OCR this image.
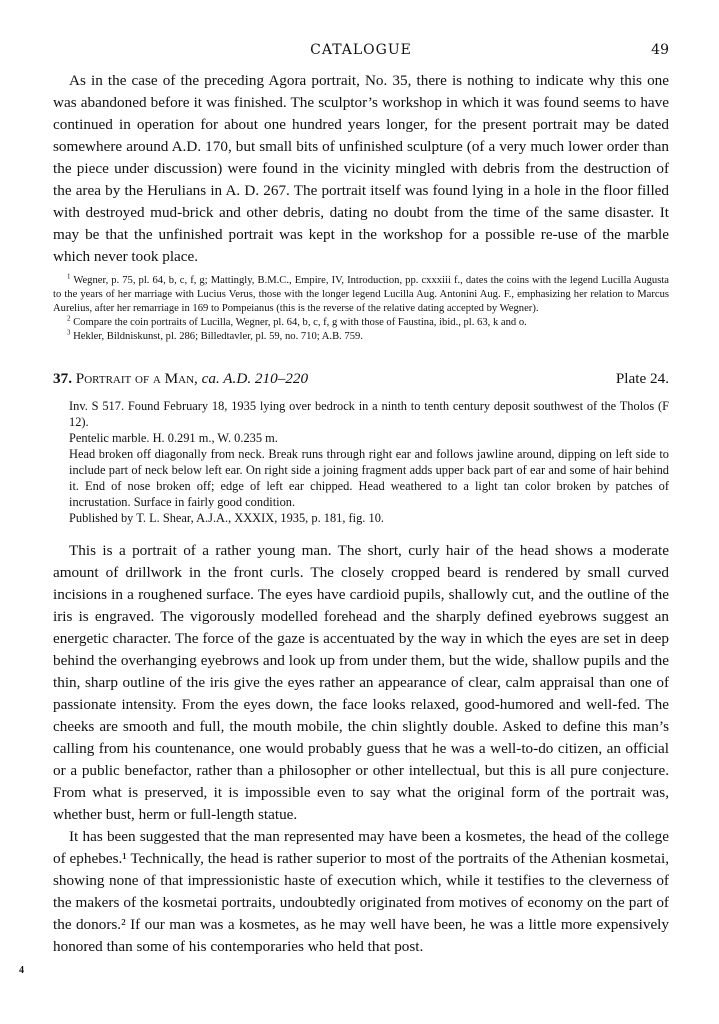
CATALOGUE	49

As in the case of the preceding Agora portrait, No. 35, there is nothing to indicate why this one was abandoned before it was finished. The sculptor’s workshop in which it was found seems to have continued in operation for about one hundred years longer, for the present portrait may be dated somewhere around A.D. 170, but small bits of unfinished sculpture (of a very much lower order than the piece under discussion) were found in the vicinity mingled with debris from the destruction of the area by the Herulians in A. D. 267. The portrait itself was found lying in a hole in the floor filled with destroyed mud-brick and other debris, dating no doubt from the time of the same disaster. It may be that the unfinished portrait was kept in the workshop for a possible re-use of the marble which never took place.

$^1$ Wegner, p. 75, pl. 64, b, c, f, g; Mattingly, B.M.C., Empire, IV, Introduction, pp. cxxxiii f., dates the coins with the legend Lucilla Augusta to the years of her marriage with Lucius Verus, those with the longer legend Lucilla Aug. Antonini Aug. F., emphasizing her relation to Marcus Aurelius, after her remarriage in 169 to Pompeianus (this is the reverse of the relative dating accepted by Wegner).

$^2$ Compare the coin portraits of Lucilla, Wegner, pl. 64, b, c, f, g with those of Faustina, ibid., pl. 63, k and o.

$^3$ Hekler, Bildniskunst, pl. 286; Billedtavler, pl. 59, no. 710; A.B. 759.

37. Portrait of a Man, ca. A.D. 210–220	Plate 24.

Inv. S 517. Found February 18, 1935 lying over bedrock in a ninth to tenth century deposit southwest of the Tholos (F 12).

Pentelic marble. H. 0.291 m., W. 0.235 m.

Head broken off diagonally from neck. Break runs through right ear and follows jawline around, dipping on left side to include part of neck below left ear. On right side a joining fragment adds upper back part of ear and some of hair behind it. End of nose broken off; edge of left ear chipped. Head weathered to a light tan color broken by patches of incrustation. Surface in fairly good condition.

Published by T. L. Shear, A.J.A., XXXIX, 1935, p. 181, fig. 10.

This is a portrait of a rather young man. The short, curly hair of the head shows a moderate amount of drillwork in the front curls. The closely cropped beard is rendered by small curved incisions in a roughened surface. The eyes have cardioid pupils, shallowly cut, and the outline of the iris is engraved. The vigorously modelled forehead and the sharply defined eyebrows suggest an energetic character. The force of the gaze is accentuated by the way in which the eyes are set in deep behind the overhanging eyebrows and look up from under them, but the wide, shallow pupils and the thin, sharp outline of the iris give the eyes rather an appearance of clear, calm appraisal than one of passionate intensity. From the eyes down, the face looks relaxed, good-humored and well-fed. The cheeks are smooth and full, the mouth mobile, the chin slightly double. Asked to define this man’s calling from his countenance, one would probably guess that he was a well-to-do citizen, an official or a public benefactor, rather than a philosopher or other intellectual, but this is all pure conjecture. From what is preserved, it is impossible even to say what the original form of the portrait was, whether bust, herm or full-length statue.

It has been suggested that the man represented may have been a kosmetes, the head of the college of ephebes.¹ Technically, the head is rather superior to most of the portraits of the Athenian kosmetai, showing none of that impressionistic haste of execution which, while it testifies to the cleverness of the makers of the kosmetai portraits, undoubtedly originated from motives of economy on the part of the donors.² If our man was a kosmetes, as he may well have been, he was a little more expensively honored than some of his contemporaries who held that post.

4
